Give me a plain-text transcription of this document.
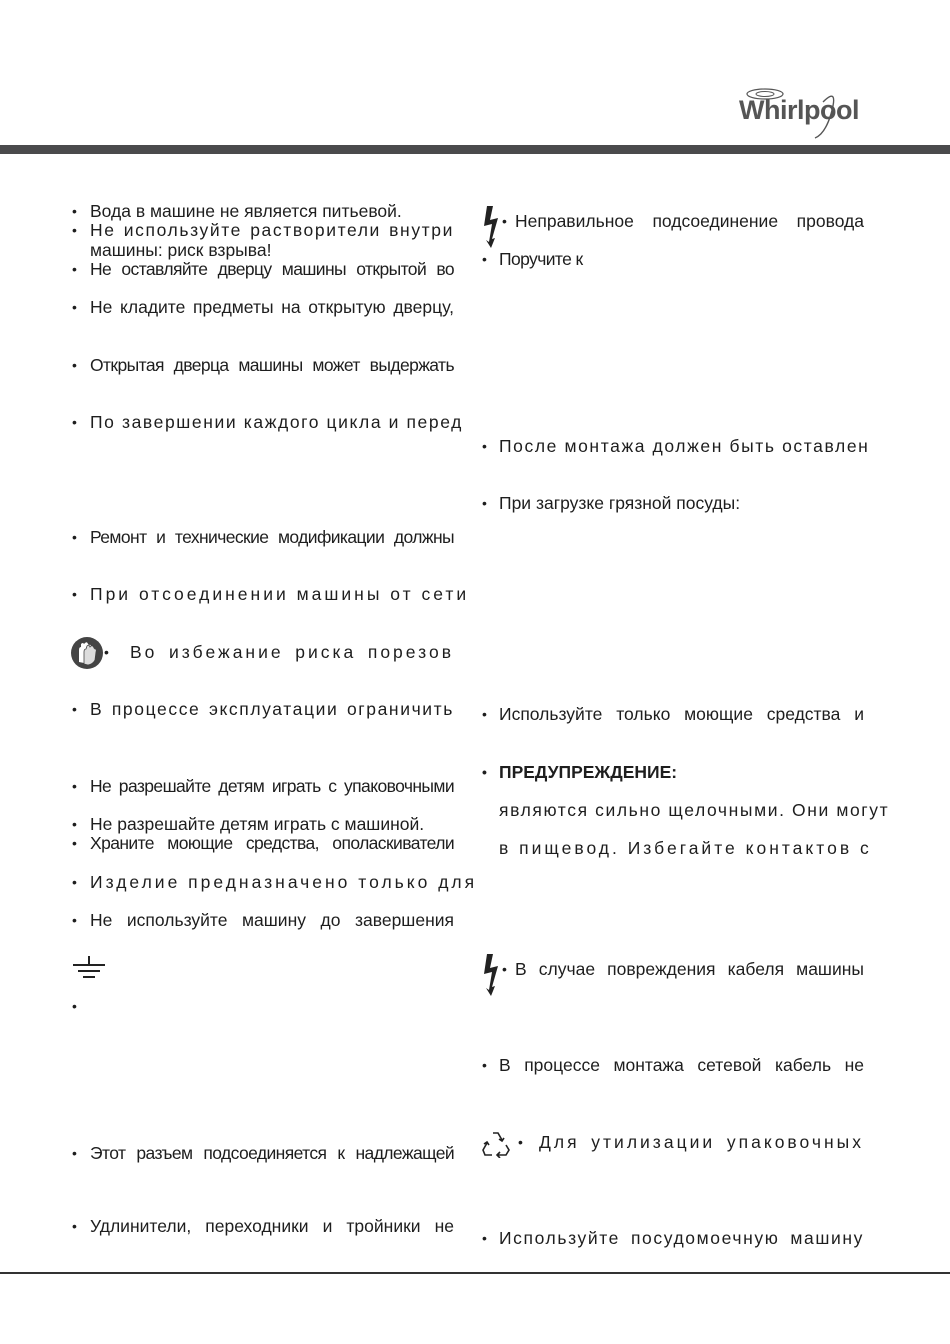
Whirlpool
• Вода в машине не является питьевой.
• Не используйте растворители внутри
машины: риск взрыва!
• Не оставляйте дверцу машины открытой во
• Не кладите предметы на открытую дверцу,
• Открытая дверца машины может выдержать
• По завершении каждого цикла и перед
• Ремонт и технические модификации должны
• При отсоединении машины от сети
• Во избежание риска порезов
• В процессе эксплуатации ограничить
• Не разрешайте детям играть с упаковочными
• Не разрешайте детям играть с машиной.
• Храните моющие средства, ополаскиватели
• Изделие предназначено только для
• Не используйте машину до завершения
•
• Этот разъем подсоединяется к надлежащей
• Удлинители, переходники и тройники не
• Неправильное подсоединение провода
• Поручите к
• После монтажа должен быть оставлен
• При загрузке грязной посуды:
• Используйте только моющие средства и
• ПРЕДУПРЕЖДЕНИЕ:
являются сильно щелочными. Они могут
в пищевод. Избегайте контактов с
• В случае повреждения кабеля машины
• В процессе монтажа сетевой кабель не
• Для утилизации упаковочных
• Используйте посудомоечную машину
